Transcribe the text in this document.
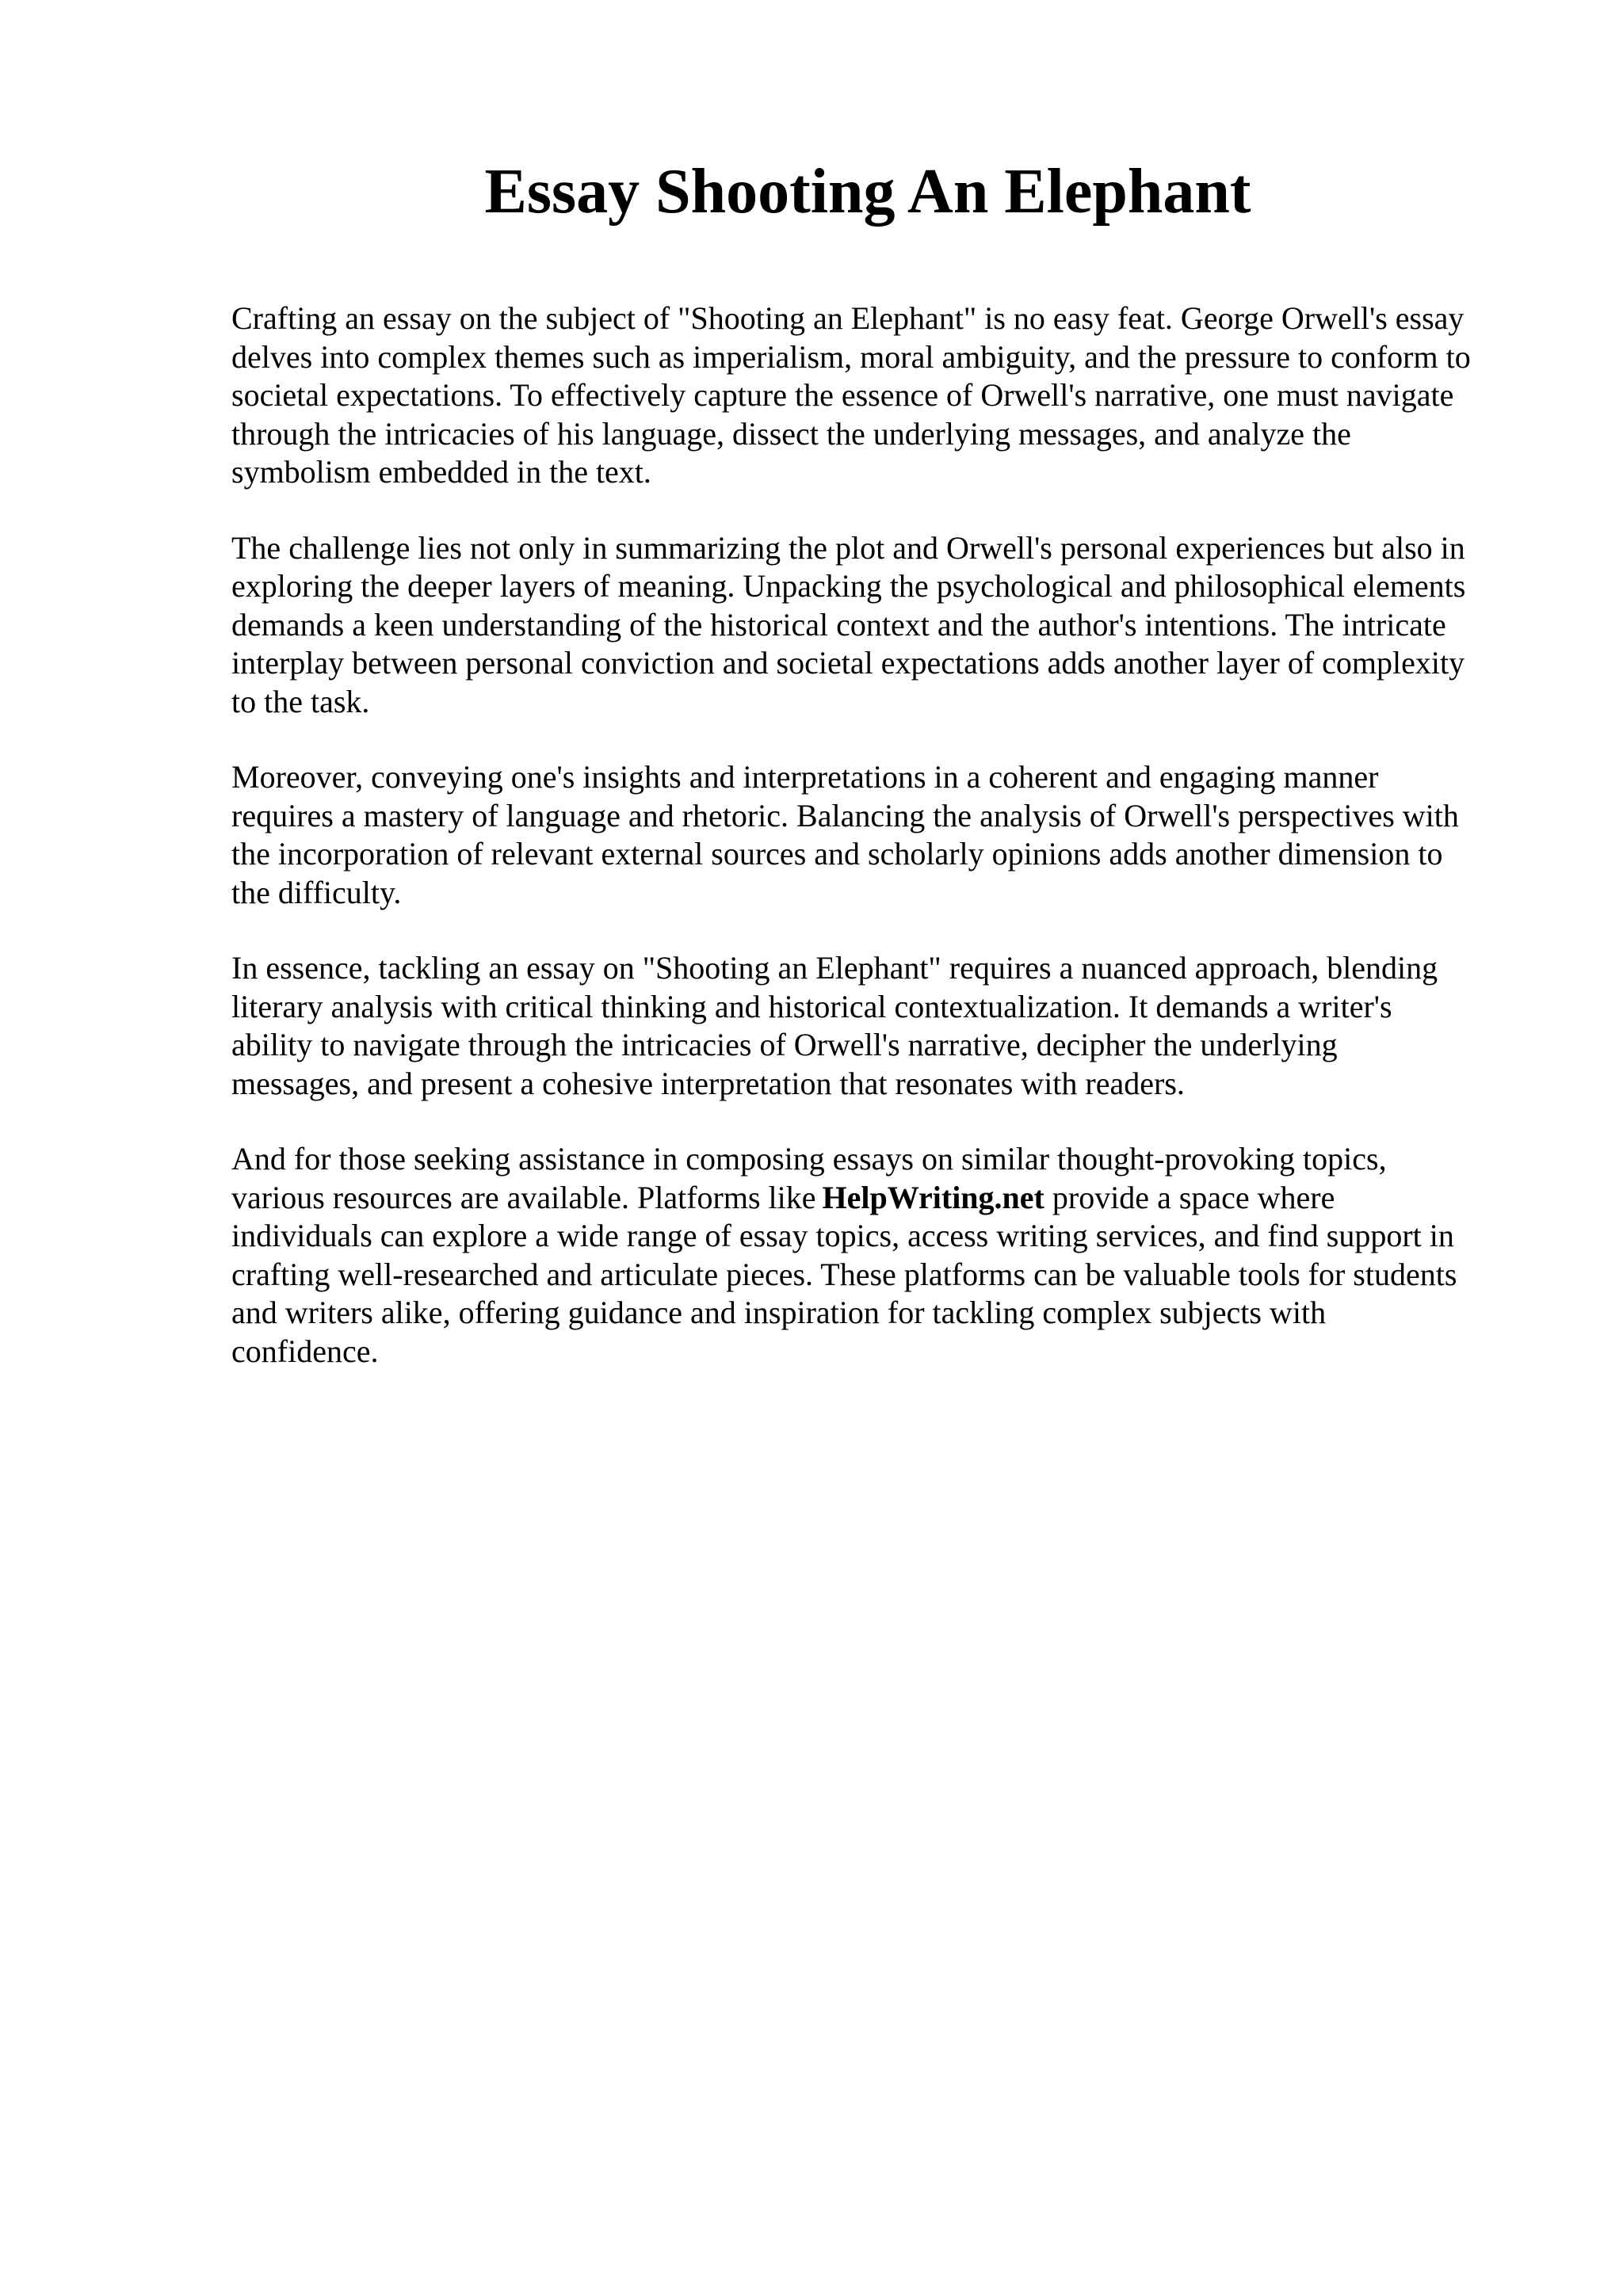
Essay Shooting An Elephant

Crafting an essay on the subject of "Shooting an Elephant" is no easy feat. George Orwell's essay
delves into complex themes such as imperialism, moral ambiguity, and the pressure to conform to
societal expectations. To effectively capture the essence of Orwell's narrative, one must navigate
through the intricacies of his language, dissect the underlying messages, and analyze the
symbolism embedded in the text.

The challenge lies not only in summarizing the plot and Orwell's personal experiences but also in
exploring the deeper layers of meaning. Unpacking the psychological and philosophical elements
demands a keen understanding of the historical context and the author's intentions. The intricate
interplay between personal conviction and societal expectations adds another layer of complexity
to the task.

Moreover, conveying one's insights and interpretations in a coherent and engaging manner
requires a mastery of language and rhetoric. Balancing the analysis of Orwell's perspectives with
the incorporation of relevant external sources and scholarly opinions adds another dimension to
the difficulty.

In essence, tackling an essay on "Shooting an Elephant" requires a nuanced approach, blending
literary analysis with critical thinking and historical contextualization. It demands a writer's
ability to navigate through the intricacies of Orwell's narrative, decipher the underlying
messages, and present a cohesive interpretation that resonates with readers.

And for those seeking assistance in composing essays on similar thought-provoking topics,
various resources are available. Platforms like HelpWriting.net provide a space where
individuals can explore a wide range of essay topics, access writing services, and find support in
crafting well-researched and articulate pieces. These platforms can be valuable tools for students
and writers alike, offering guidance and inspiration for tackling complex subjects with
confidence.
